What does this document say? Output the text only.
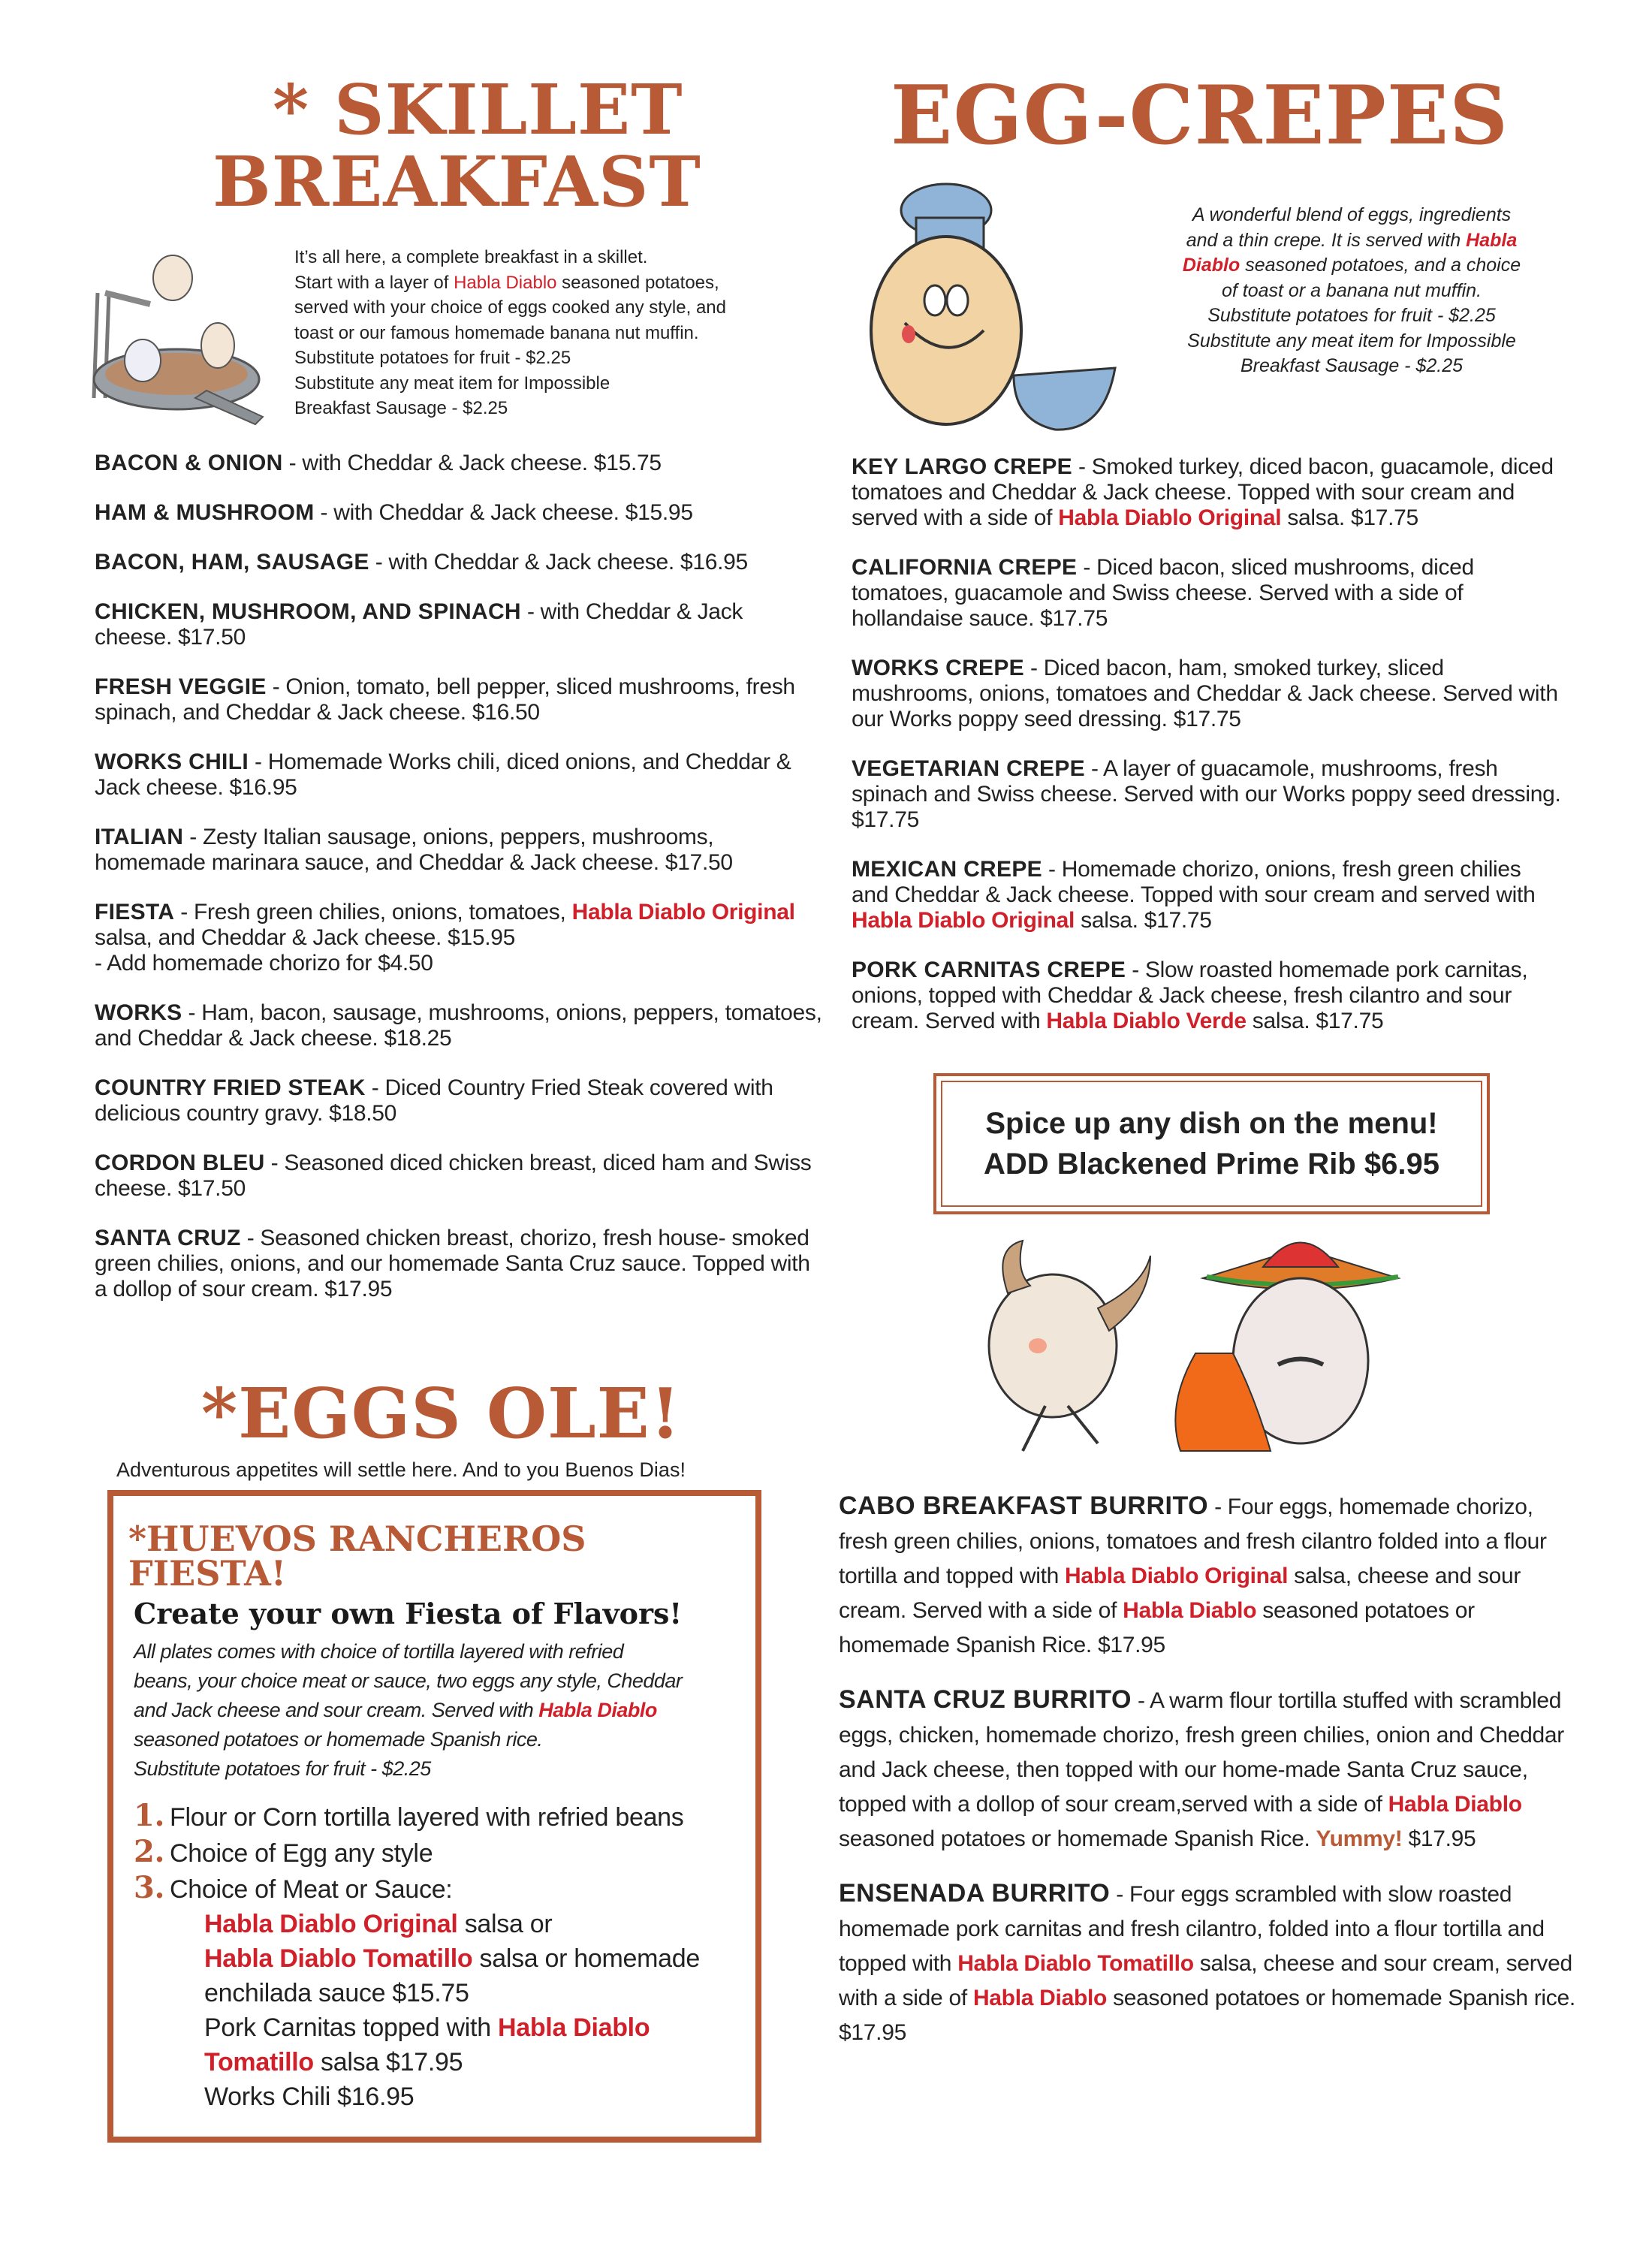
* SKILLET
BREAKFAST
It’s all here, a complete breakfast in a skillet.
Start with a layer of Habla Diablo seasoned potatoes,
served with your choice of eggs cooked any style, and
toast or our famous homemade banana nut muffin.
Substitute potatoes for fruit - $2.25
Substitute any meat item for Impossible
Breakfast Sausage - $2.25
BACON & ONION - with Cheddar & Jack cheese. $15.75
HAM & MUSHROOM - with Cheddar & Jack cheese. $15.95
BACON, HAM, SAUSAGE - with Cheddar & Jack cheese. $16.95
CHICKEN, MUSHROOM, AND SPINACH - with Cheddar & Jack cheese. $17.50
FRESH VEGGIE - Onion, tomato, bell pepper, sliced mushrooms, fresh spinach, and Cheddar & Jack cheese. $16.50
WORKS CHILI - Homemade Works chili, diced onions, and Cheddar & Jack cheese. $16.95
ITALIAN - Zesty Italian sausage, onions, peppers, mushrooms, homemade marinara sauce, and Cheddar & Jack cheese. $17.50
FIESTA - Fresh green chilies, onions, tomatoes, Habla Diablo Original salsa, and Cheddar & Jack cheese. $15.95
- Add homemade chorizo for $4.50
WORKS - Ham, bacon, sausage, mushrooms, onions, peppers, tomatoes, and Cheddar & Jack cheese. $18.25
COUNTRY FRIED STEAK - Diced Country Fried Steak covered with delicious country gravy. $18.50
CORDON BLEU - Seasoned diced chicken breast, diced ham and Swiss cheese. $17.50
SANTA CRUZ - Seasoned chicken breast, chorizo, fresh house- smoked green chilies, onions, and our homemade Santa Cruz sauce. Topped with a dollop of sour cream. $17.95
*EGGS OLE!
Adventurous appetites will settle here. And to you Buenos Dias!
*HUEVOS RANCHEROS FIESTA!
Create your own Fiesta of Flavors!
All plates comes with choice of tortilla layered with refried
beans, your choice meat or sauce, two eggs any style, Cheddar
and Jack cheese and sour cream. Served with Habla Diablo
seasoned potatoes or homemade Spanish rice.
Substitute potatoes for fruit - $2.25
1. Flour or Corn tortilla layered with refried beans
2. Choice of Egg any style
3. Choice of Meat or Sauce:
Habla Diablo Original salsa or
Habla Diablo Tomatillo salsa or homemade
enchilada sauce $15.75
Pork Carnitas topped with Habla Diablo
Tomatillo salsa $17.95
Works Chili $16.95
EGG-CREPES
A wonderful blend of eggs, ingredients
and a thin crepe. It is served with Habla
Diablo seasoned potatoes, and a choice
of toast or a banana nut muffin.
Substitute potatoes for fruit - $2.25
Substitute any meat item for Impossible
Breakfast Sausage - $2.25
KEY LARGO CREPE - Smoked turkey, diced bacon, guacamole, diced tomatoes and Cheddar & Jack cheese. Topped with sour cream and served with a side of Habla Diablo Original salsa. $17.75
CALIFORNIA CREPE - Diced bacon, sliced mushrooms, diced tomatoes, guacamole and Swiss cheese. Served with a side of hollandaise sauce. $17.75
WORKS CREPE - Diced bacon, ham, smoked turkey, sliced mushrooms, onions, tomatoes and Cheddar & Jack cheese. Served with our Works poppy seed dressing. $17.75
VEGETARIAN CREPE - A layer of guacamole, mushrooms, fresh spinach and Swiss cheese. Served with our Works poppy seed dressing. $17.75
MEXICAN CREPE - Homemade chorizo, onions, fresh green chilies and Cheddar & Jack cheese. Topped with sour cream and served with Habla Diablo Original salsa. $17.75
PORK CARNITAS CREPE - Slow roasted homemade pork carnitas, onions, topped with Cheddar & Jack cheese, fresh cilantro and sour cream. Served with Habla Diablo Verde salsa. $17.75
Spice up any dish on the menu!
ADD Blackened Prime Rib $6.95
CABO BREAKFAST BURRITO - Four eggs, homemade chorizo, fresh green chilies, onions, tomatoes and fresh cilantro folded into a flour tortilla and topped with Habla Diablo Original salsa, cheese and sour cream. Served with a side of Habla Diablo seasoned potatoes or homemade Spanish Rice. $17.95
SANTA CRUZ BURRITO - A warm flour tortilla stuffed with scrambled eggs, chicken, homemade chorizo, fresh green chilies, onion and Cheddar and Jack cheese, then topped with our home-made Santa Cruz sauce, topped with a dollop of sour cream,served with a side of Habla Diablo seasoned potatoes or homemade Spanish Rice. Yummy! $17.95
ENSENADA BURRITO - Four eggs scrambled with slow roasted homemade pork carnitas and fresh cilantro, folded into a flour tortilla and topped with Habla Diablo Tomatillo salsa, cheese and sour cream, served with a side of Habla Diablo seasoned potatoes or homemade Spanish rice. $17.95
